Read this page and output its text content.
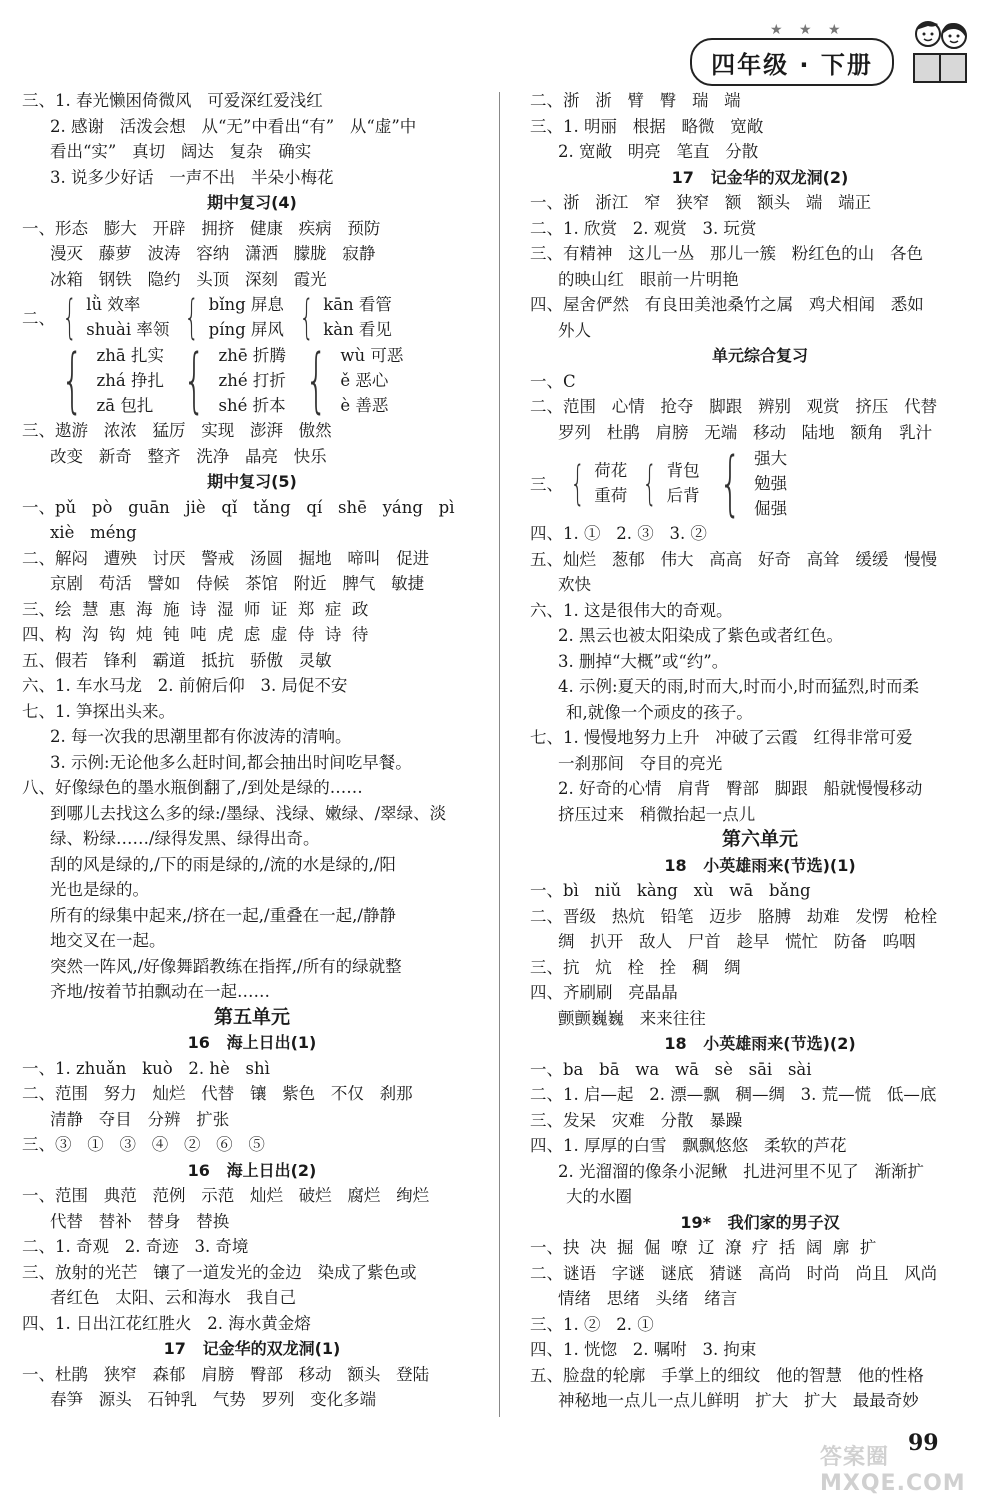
★ ★ ★
四年级 · 下册
三、1. 春光懒困倚微风   可爱深红爱浅红
2. 感谢   活泼会想   从“无”中看出“有”   从“虚”中
看出“实”   真切   阔达   复杂   确实
3. 说多少好话   一声不出   半朵小梅花
期中复习(4)
一、形态   膨大   开辟   拥挤   健康   疾病   预防
漫灭   藤萝   波涛   容纳   潇洒   朦胧   寂静
冰箱   钢铁   隐约   头顶   深刻   霞光
二、 { lǜ 效率
shuài 率领 { bǐng 屏息
píng 屏风 { kān 看管
kàn 看见
{ zhā 扎实
zhá 挣扎
zā 包扎 { zhē 折腾
zhé 打折
shé 折本 { wù 可恶
ě 恶心
è 善恶
三、遨游   浓浓   猛厉   实现   澎湃   傲然
改变   新奇   整齐   洗净   晶亮   快乐
期中复习(5)
一、pǔ   pò   guān   jiè   qǐ   tǎng   qí   shē   yáng   pì
xiè   méng
二、解闷   遭殃   讨厌   警戒   汤圆   掘地   啼叫   促进
京剧   苟活   譬如   侍候   茶馆   附近   脾气   敏捷
三、绘  慧  惠  海  施  诗  湿  师  证  郑  症  政
四、构  沟  钩  炖  钝  吨  虎  虑  虚  侍  诗  待
五、假若   锋利   霸道   抵抗   骄傲   灵敏
六、1. 车水马龙   2. 前俯后仰   3. 局促不安
七、1. 笋探出头来。
2. 每一次我的思潮里都有你波涛的清响。
3. 示例:无论他多么赶时间,都会抽出时间吃早餐。
八、好像绿色的墨水瓶倒翻了,/到处是绿的……
到哪儿去找这么多的绿:/墨绿、浅绿、嫩绿、/翠绿、淡
绿、粉绿……/绿得发黑、绿得出奇。
刮的风是绿的,/下的雨是绿的,/流的水是绿的,/阳
光也是绿的。
所有的绿集中起来,/挤在一起,/重叠在一起,/静静
地交叉在一起。
突然一阵风,/好像舞蹈教练在指挥,/所有的绿就整
齐地/按着节拍飘动在一起……
第五单元
16   海上日出(1)
一、1. zhuǎn   kuò   2. hè   shì
二、范围   努力   灿烂   代替   镶   紫色   不仅   刹那
清静   夺目   分辨   扩张
三、③   ①   ③   ④   ②   ⑥   ⑤
16   海上日出(2)
一、范围   典范   范例   示范   灿烂   破烂   腐烂   绚烂
代替   替补   替身   替换
二、1. 奇观   2. 奇迹   3. 奇境
三、放射的光芒   镶了一道发光的金边   染成了紫色或
者红色   太阳、云和海水   我自己
四、1. 日出江花红胜火   2. 海水黄金熔
17   记金华的双龙洞(1)
一、杜鹃   狭窄   森郁   肩膀   臀部   移动   额头   登陆
春笋   源头   石钟乳   气势   罗列   变化多端
二、浙   浙   臂   臀   瑞   端
三、1. 明丽   根据   略微   宽敞
2. 宽敞   明亮   笔直   分散
17   记金华的双龙洞(2)
一、浙   浙江   窄   狭窄   额   额头   端   端正
二、1. 欣赏   2. 观赏   3. 玩赏
三、有精神   这儿一丛   那儿一簇   粉红色的山   各色
的映山红   眼前一片明艳
四、屋舍俨然   有良田美池桑竹之属   鸡犬相闻   悉如
外人
单元综合复习
一、C
二、范围   心情   抢夺   脚跟   辨别   观赏   挤压   代替
罗列   杜鹃   肩膀   无端   移动   陆地   额角   乳汁
三、 { 荷花
重荷 { 背包
后背 { 强大
勉强
倔强
四、1. ①   2. ③   3. ②
五、灿烂   葱郁   伟大   高高   好奇   高耸   缓缓   慢慢
欢快
六、1. 这是很伟大的奇观。
2. 黑云也被太阳染成了紫色或者红色。
3. 删掉“大概”或“约”。
4. 示例:夏天的雨,时而大,时而小,时而猛烈,时而柔
和,就像一个顽皮的孩子。
七、1. 慢慢地努力上升   冲破了云霞   红得非常可爱
一刹那间   夺目的亮光
2. 好奇的心情   肩背   臀部   脚跟   船就慢慢移动
挤压过来   稍微抬起一点儿
第六单元
18   小英雄雨来(节选)(1)
一、bì   niǔ   kàng   xù   wā   bǎng
二、晋级   热炕   铅笔   迈步   胳膊   劫难   发愣   枪栓
绸   扒开   敌人   尸首   趁早   慌忙   防备   呜咽
三、抗   炕   栓   拴   稠   绸
四、齐刷刷   亮晶晶
颤颤巍巍   来来往往
18   小英雄雨来(节选)(2)
一、ba   bā   wa   wā   sè   sāi   sài
二、1. 启—起   2. 漂—飘   稠—绸   3. 荒—慌   低—底
三、发呆   灾难   分散   暴躁
四、1. 厚厚的白雪   飘飘悠悠   柔软的芦花
2. 光溜溜的像条小泥鳅   扎进河里不见了   渐渐扩
大的水圈
19*   我们家的男子汉
一、抉  决  掘  倔  嘹  辽  潦  疗  括  阔  廓  扩
二、谜语   字谜   谜底   猜谜   高尚   时尚   尚且   风尚
情绪   思绪   头绪   绪言
三、1. ②   2. ①
四、1. 恍惚   2. 嘱咐   3. 拘束
五、脸盘的轮廓   手掌上的细纹   他的智慧   他的性格
神秘地一点儿一点儿鲜明   扩大   扩大   最最奇妙
答案圈 MXQE.COM
99
